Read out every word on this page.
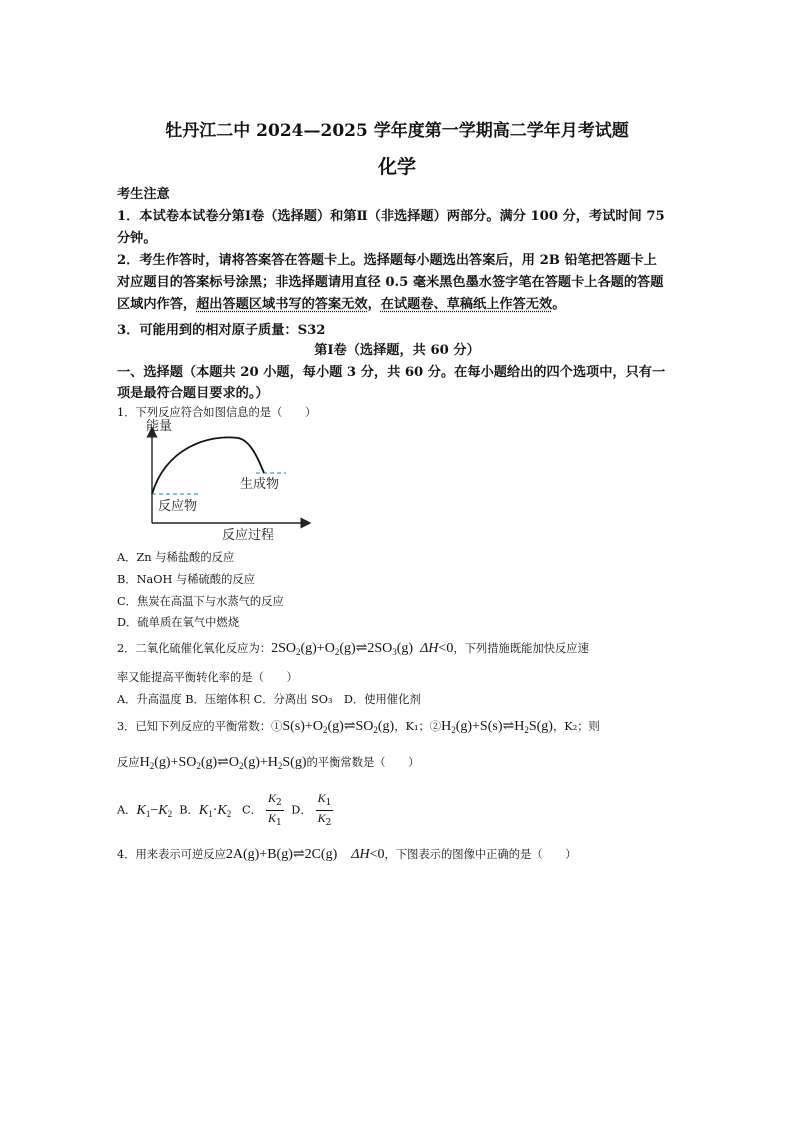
牡丹江二中 2024—2025 学年度第一学期高二学年月考试题
化学
考生注意
1．本试卷本试卷分第Ⅰ卷（选择题）和第Ⅱ（非选择题）两部分。满分 100 分，考试时间 75
分钟。
2．考生作答时，请将答案答在答题卡上。选择题每小题选出答案后，用 2B 铅笔把答题卡上
对应题目的答案标号涂黑；非选择题请用直径 0.5 毫米黑色墨水签字笔在答题卡上各题的答题
区域内作答，超出答题区域书写的答案无效，在试题卷、草稿纸上作答无效。
3．可能用到的相对原子质量：S32
第Ⅰ卷（选择题，共 60 分）
一、选择题（本题共 20 小题，每小题 3 分，共 60 分。在每小题给出的四个选项中，只有一
项是最符合题目要求的。）
1．下列反应符合如图信息的是（　　）
能量
生成物
反应物
反应过程
A．Zn 与稀盐酸的反应
B．NaOH 与稀硫酸的反应
C．焦炭在高温下与水蒸气的反应
D．硫单质在氧气中燃烧
2．二氧化硫催化氧化反应为：$2SO_2(g)+O_2(g)\rightleftharpoons 2SO_3(g)$  ΔH<0，下列措施既能加快反应速
率又能提高平衡转化率的是（　　）
A．升高温度 B．压缩体积 C．分离出 SO₃　D．使用催化剂
3．已知下列反应的平衡常数：$①S(s)+O_2(g)\rightleftharpoons SO_2(g)$，K₁；$②H_2(g)+S(s)\rightleftharpoons H_2S(g)$，K₂；则
反应$H_2(g)+SO_2(g)\rightleftharpoons O_2(g)+H_2S(g)$的平衡常数是（　　）
A．$K_1-K_2$ B．$K_1\cdot K_2$ C． $\frac{K_2}{K_1}$ D． $\frac{K_1}{K_2}$
4．用来表示可逆反应2A(g)+B(g)⇌2C(g)    ΔH<0，下图表示的图像中正确的是（　　）
